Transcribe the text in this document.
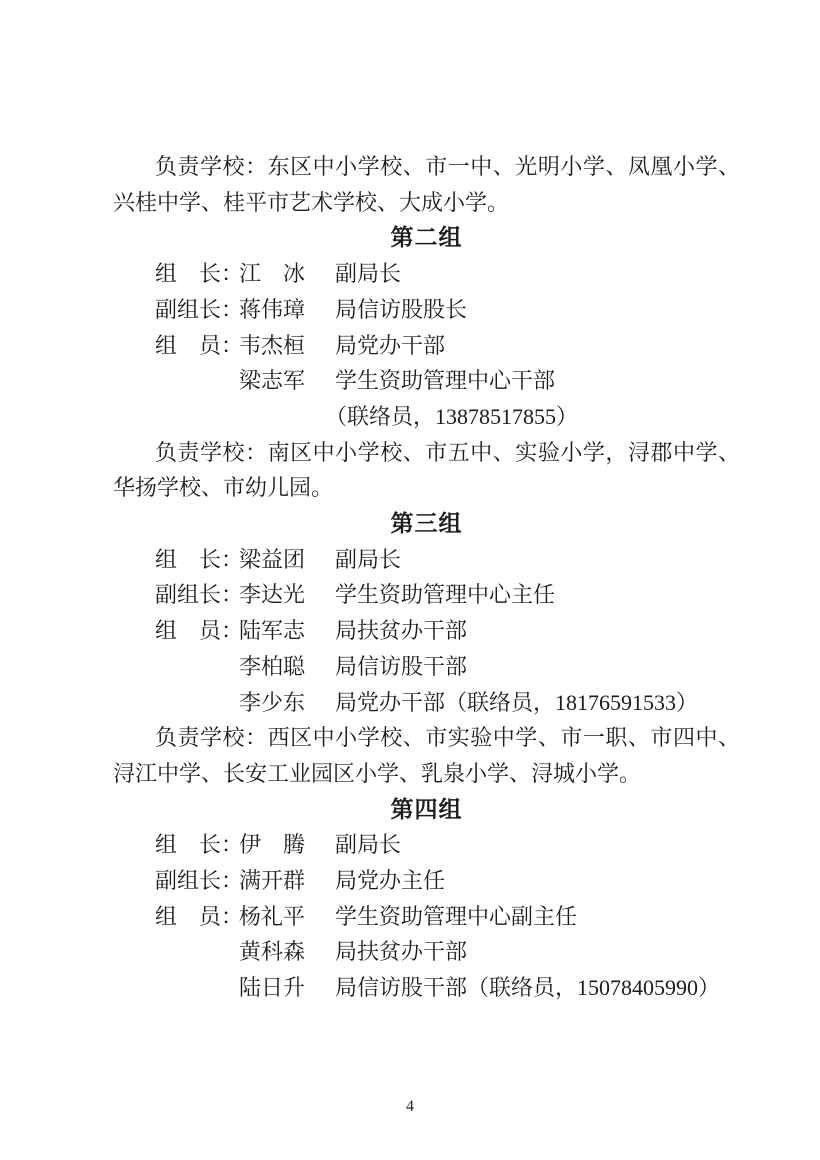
负责学校：东区中小学校、市一中、光明小学、凤凰小学、
兴桂中学、桂平市艺术学校、大成小学。
第二组
组　长：
江　冰	副局长
副组长：
蒋伟璋	局信访股股长
组　员：
韦杰桓	局党办干部
梁志军	学生资助管理中心干部
（联络员，13878517855）
负责学校：南区中小学校、市五中、实验小学，浔郡中学、
华扬学校、市幼儿园。
第三组
组　长：
梁益团	副局长
副组长：
李达光	学生资助管理中心主任
组　员：
陆军志	局扶贫办干部
李柏聪	局信访股干部
李少东	局党办干部（联络员，18176591533）
负责学校：西区中小学校、市实验中学、市一职、市四中、
浔江中学、长安工业园区小学、乳泉小学、浔城小学。
第四组
组　长：
伊　腾	副局长
副组长：
满开群	局党办主任
组　员：
杨礼平	学生资助管理中心副主任
黄科森	局扶贫办干部
陆日升	局信访股干部（联络员，15078405990）
4
